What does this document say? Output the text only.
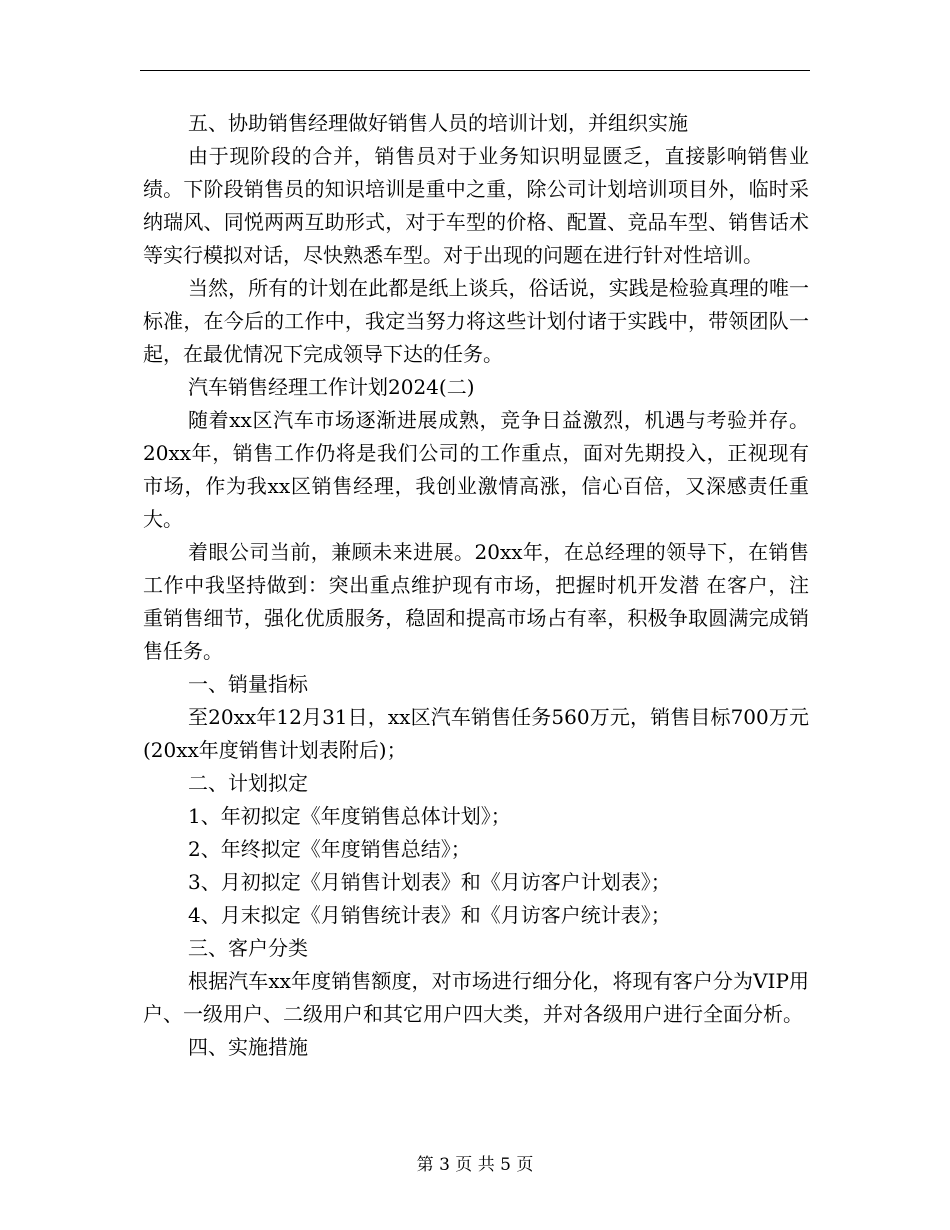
五、协助销售经理做好销售人员的培训计划，并组织实施

由于现阶段的合并，销售员对于业务知识明显匮乏，直接影响销售业绩。下阶段销售员的知识培训是重中之重，除公司计划培训项目外，临时采纳瑞风、同悦两两互助形式，对于车型的价格、配置、竞品车型、销售话术等实行模拟对话，尽快熟悉车型。对于出现的问题在进行针对性培训。

当然，所有的计划在此都是纸上谈兵，俗话说，实践是检验真理的唯一标准，在今后的工作中，我定当努力将这些计划付诸于实践中，带领团队一起，在最优情况下完成领导下达的任务。

汽车销售经理工作计划2024(二)

随着xx区汽车市场逐渐进展成熟，竞争日益激烈，机遇与考验并存。20xx年，销售工作仍将是我们公司的工作重点，面对先期投入，正视现有市场，作为我xx区销售经理，我创业激情高涨，信心百倍，又深感责任重大。

着眼公司当前，兼顾未来进展。20xx年，在总经理的领导下，在销售工作中我坚持做到：突出重点维护现有市场，把握时机开发潜 在客户，注重销售细节，强化优质服务，稳固和提高市场占有率，积极争取圆满完成销售任务。

一、销量指标

至20xx年12月31日，xx区汽车销售任务560万元，销售目标700万元(20xx年度销售计划表附后)；

二、计划拟定

1、年初拟定《年度销售总体计划》；

2、年终拟定《年度销售总结》；

3、月初拟定《月销售计划表》和《月访客户计划表》；

4、月末拟定《月销售统计表》和《月访客户统计表》；

三、客户分类

根据汽车xx年度销售额度，对市场进行细分化，将现有客户分为VIP用户、一级用户、二级用户和其它用户四大类，并对各级用户进行全面分析。

四、实施措施

第 3 页 共 5 页
